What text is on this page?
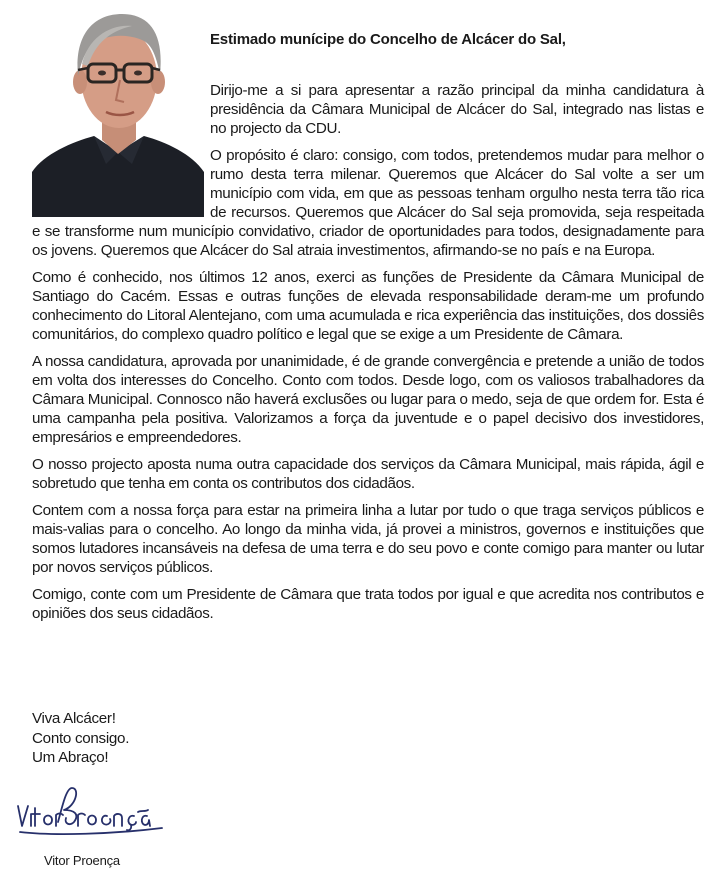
Estimado munícipe do Concelho de Alcácer do Sal,

Dirijo-me a si para apresentar a razão principal da minha candidatura à presidência da Câmara Municipal de Alcácer do Sal, integrado nas listas e no projecto da CDU.

O propósito é claro: consigo, com todos, pretendemos mudar para melhor o rumo desta terra milenar. Queremos que Alcácer do Sal volte a ser um município com vida, em que as pessoas tenham orgulho nesta terra tão rica de recursos. Queremos que Alcácer do Sal seja promovida, seja respeitada e se transforme num município convidativo, criador de oportunidades para todos, designadamente para os jovens. Queremos que Alcácer do Sal atraia investimentos, afirmando-se no país e na Europa.

Como é conhecido, nos últimos 12 anos, exerci as funções de Presidente da Câmara Municipal de Santiago do Cacém. Essas e outras funções de elevada responsabilidade deram-me um profundo conhecimento do Litoral Alentejano, com uma acumulada e rica experiência das instituições, dos dossiês comunitários, do complexo quadro político e legal que se exige a um Presidente de Câmara.

A nossa candidatura, aprovada por unanimidade, é de grande convergência e pretende a união de todos em volta dos interesses do Concelho. Conto com todos. Desde logo, com os valiosos trabalhadores da Câmara Municipal. Connosco não haverá exclusões ou lugar para o medo, seja de que ordem for. Esta é uma campanha pela positiva. Valorizamos a força da juventude e o papel decisivo dos investidores, empresários e empreendedores.

O nosso projecto aposta numa outra capacidade dos serviços da Câmara Municipal, mais rápida, ágil e sobretudo que tenha em conta os contributos dos cidadãos.

Contem com a nossa força para estar na primeira linha a lutar por tudo o que traga serviços públicos e mais-valias para o concelho. Ao longo da minha vida, já provei a ministros, governos e instituições que somos lutadores incansáveis na defesa de uma terra e do seu povo e conte comigo para manter ou lutar por novos serviços públicos.

Comigo, conte com um Presidente de Câmara que trata todos por igual e que acredita nos contributos e opiniões dos seus cidadãos.

Viva Alcácer!
Conto consigo.
Um Abraço!
Vitor Proença
